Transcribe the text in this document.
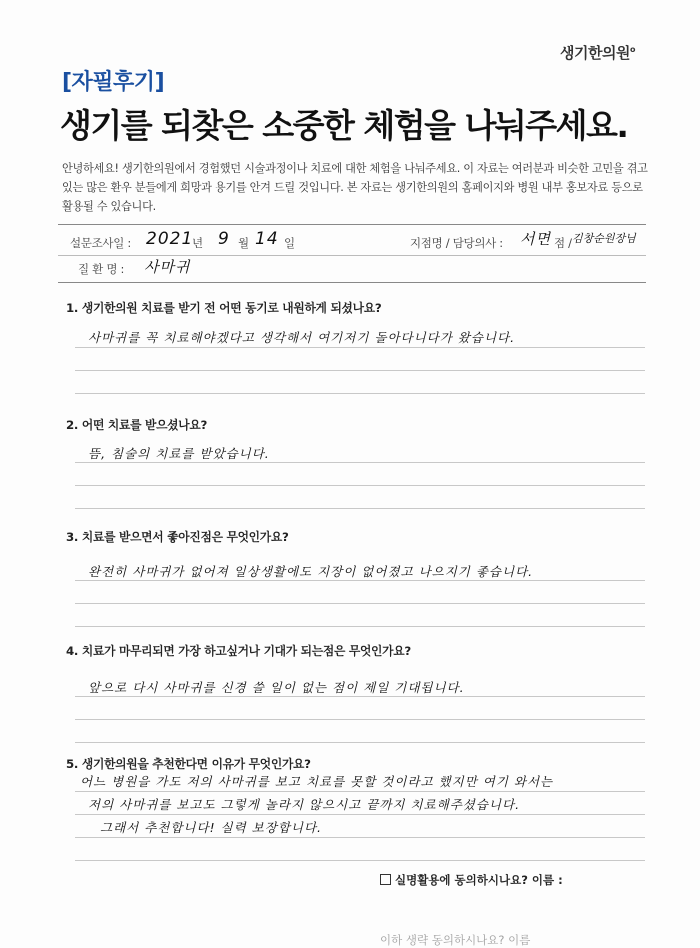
생기한의원$^o$
[자필후기]
생기를 되찾은 소중한 체험을 나눠주세요.
안녕하세요! 생기한의원에서 경험했던 시술과정이나 치료에 대한 체험을 나눠주세요. 이 자료는 여러분과 비슷한 고민을 겪고 있는 많은 환우 분들에게 희망과 용기를 안겨 드릴 것입니다. 본 자료는 생기한의원의 홈페이지와 병원 내부 홍보자료 등으로 활용될 수 있습니다.
설문조사일 : 2021
년 9 월 14 일	지점명 / 담당의사 : 서면 점 / 김창순원장님
질 환 명 : 사마귀
1. 생기한의원 치료를 받기 전 어떤 동기로 내원하게 되셨나요?
사마귀를 꼭 치료해야겠다고 생각해서 여기저기 돌아다니다가 왔습니다.
2. 어떤 치료를 받으셨나요?
뜸, 침술의 치료를 받았습니다.
3. 치료를 받으면서 좋아진점은 무엇인가요?
완전히 사마귀가 없어져 일상생활에도 지장이 없어졌고 나으지기 좋습니다.
4. 치료가 마무리되면 가장 하고싶거나 기대가 되는점은 무엇인가요?
앞으로 다시 사마귀를 신경 쓸 일이 없는 점이 제일 기대됩니다.
5. 생기한의원을 추천한다면 이유가 무엇인가요?
어느 병원을 가도 저의 사마귀를 보고 치료를 못할 것이라고 했지만 여기 와서는
저의 사마귀를 보고도 그렇게 놀라지 않으시고 끝까지 치료해주셨습니다.
그래서 추천합니다! 실력 보장합니다.
실명활용에 동의하시나요? 이름 :
이하 생략 동의하시나요? 이름
